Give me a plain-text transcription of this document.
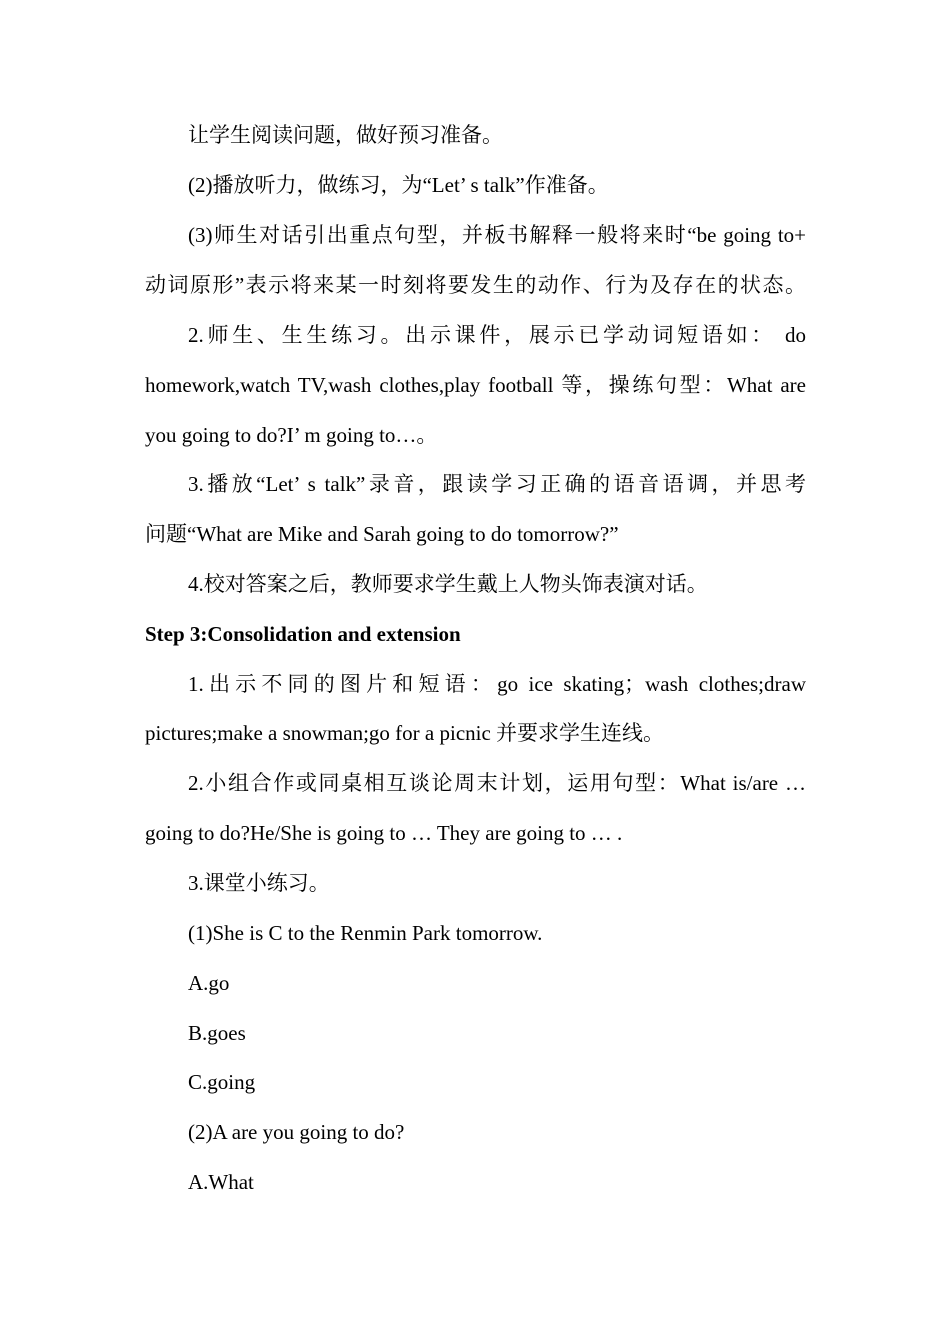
让学生阅读问题，做好预习准备。
(2)播放听力，做练习，为“Let’ s talk”作准备。
(3)师生对话引出重点句型，并板书解释一般将来时“be going to+
动词原形”表示将来某一时刻将要发生的动作、行为及存在的状态。
2.师生、生生练习。出示课件，展示已学动词短语如： do
homework,watch TV,wash clothes,play football 等，操练句型：What are
you going to do?I’ m going to…。
3.播放“Let’ s talk”录音，跟读学习正确的语音语调，并思考
问题“What are Mike and Sarah going to do tomorrow?”
4.校对答案之后，教师要求学生戴上人物头饰表演对话。
Step 3:Consolidation and extension
1.出示不同的图片和短语：go ice skating；wash clothes;draw
pictures;make a snowman;go for a picnic 并要求学生连线。
2.小组合作或同桌相互谈论周末计划，运用句型：What is/are …
going to do?He/She is going to … They are going to … .
3.课堂小练习。
(1)She is C to the Renmin Park tomorrow.
A.go
B.goes
C.going
(2)A are you going to do?
A.What
